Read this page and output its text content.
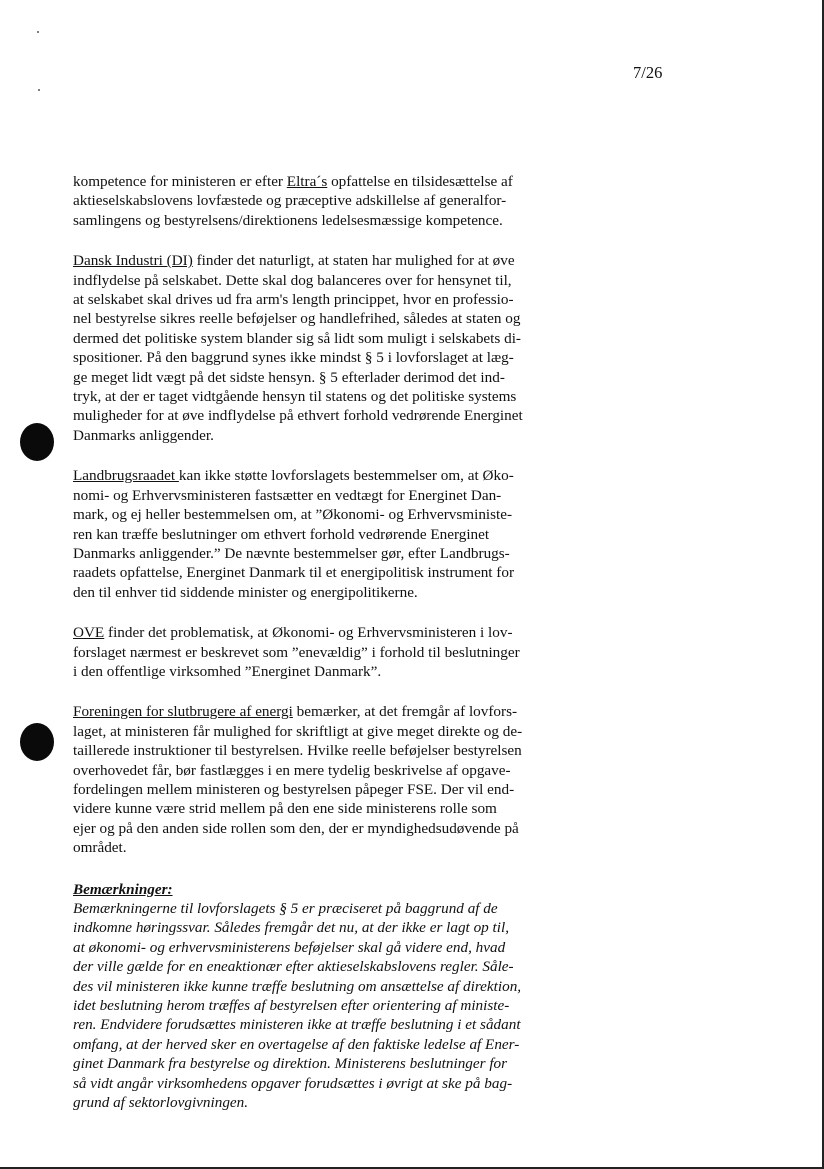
7/26

kompetence for ministeren er efter Eltra´s opfattelse en tilsidesættelse af
aktieselskabslovens lovfæstede og præceptive adskillelse af generalfor-
samlingens og bestyrelsens/direktionens ledelsesmæssige kompetence.

Dansk Industri (DI) finder det naturligt, at staten har mulighed for at øve
indflydelse på selskabet. Dette skal dog balanceres over for hensynet til,
at selskabet skal drives ud fra arm's length princippet, hvor en professio-
nel bestyrelse sikres reelle beføjelser og handlefrihed, således at staten og
dermed det politiske system blander sig så lidt som muligt i selskabets di-
spositioner. På den baggrund synes ikke mindst § 5 i lovforslaget at læg-
ge meget lidt vægt på det sidste hensyn. § 5 efterlader derimod det ind-
tryk, at der er taget vidtgående hensyn til statens og det politiske systems
muligheder for at øve indflydelse på ethvert forhold vedrørende Energinet
Danmarks anliggender.

Landbrugsraadet kan ikke støtte lovforslagets bestemmelser om, at Øko-
nomi- og Erhvervsministeren fastsætter en vedtægt for Energinet Dan-
mark, og ej heller bestemmelsen om, at ”Økonomi- og Erhvervsministe-
ren kan træffe beslutninger om ethvert forhold vedrørende Energinet
Danmarks anliggender.” De nævnte bestemmelser gør, efter Landbrugs-
raadets opfattelse, Energinet Danmark til et energipolitisk instrument for
den til enhver tid siddende minister og energipolitikerne.

OVE finder det problematisk, at Økonomi- og Erhvervsministeren i lov-
forslaget nærmest er beskrevet som ”enevældig” i forhold til beslutninger
i den offentlige virksomhed ”Energinet Danmark”.

Foreningen for slutbrugere af energi bemærker, at det fremgår af lovfors-
laget, at ministeren får mulighed for skriftligt at give meget direkte og de-
taillerede instruktioner til bestyrelsen. Hvilke reelle beføjelser bestyrelsen
overhovedet får, bør fastlægges i en mere tydelig beskrivelse af opgave-
fordelingen mellem ministeren og bestyrelsen påpeger FSE. Der vil end-
videre kunne være strid mellem på den ene side ministerens rolle som
ejer og på den anden side rollen som den, der er myndighedsudøvende på
området.

Bemærkninger:

Bemærkningerne til lovforslagets § 5 er præciseret på baggrund af de
indkomne høringssvar. Således fremgår det nu, at der ikke er lagt op til,
at økonomi- og erhvervsministerens beføjelser skal gå videre end, hvad
der ville gælde for en eneaktionær efter aktieselskabslovens regler. Såle-
des vil ministeren ikke kunne træffe beslutning om ansættelse af direktion,
idet beslutning herom træffes af bestyrelsen efter orientering af ministe-
ren. Endvidere forudsættes ministeren ikke at træffe beslutning i et sådant
omfang, at der herved sker en overtagelse af den faktiske ledelse af Ener-
ginet Danmark fra bestyrelse og direktion. Ministerens beslutninger for
så vidt angår virksomhedens opgaver forudsættes i øvrigt at ske på bag-
grund af sektorlovgivningen.
